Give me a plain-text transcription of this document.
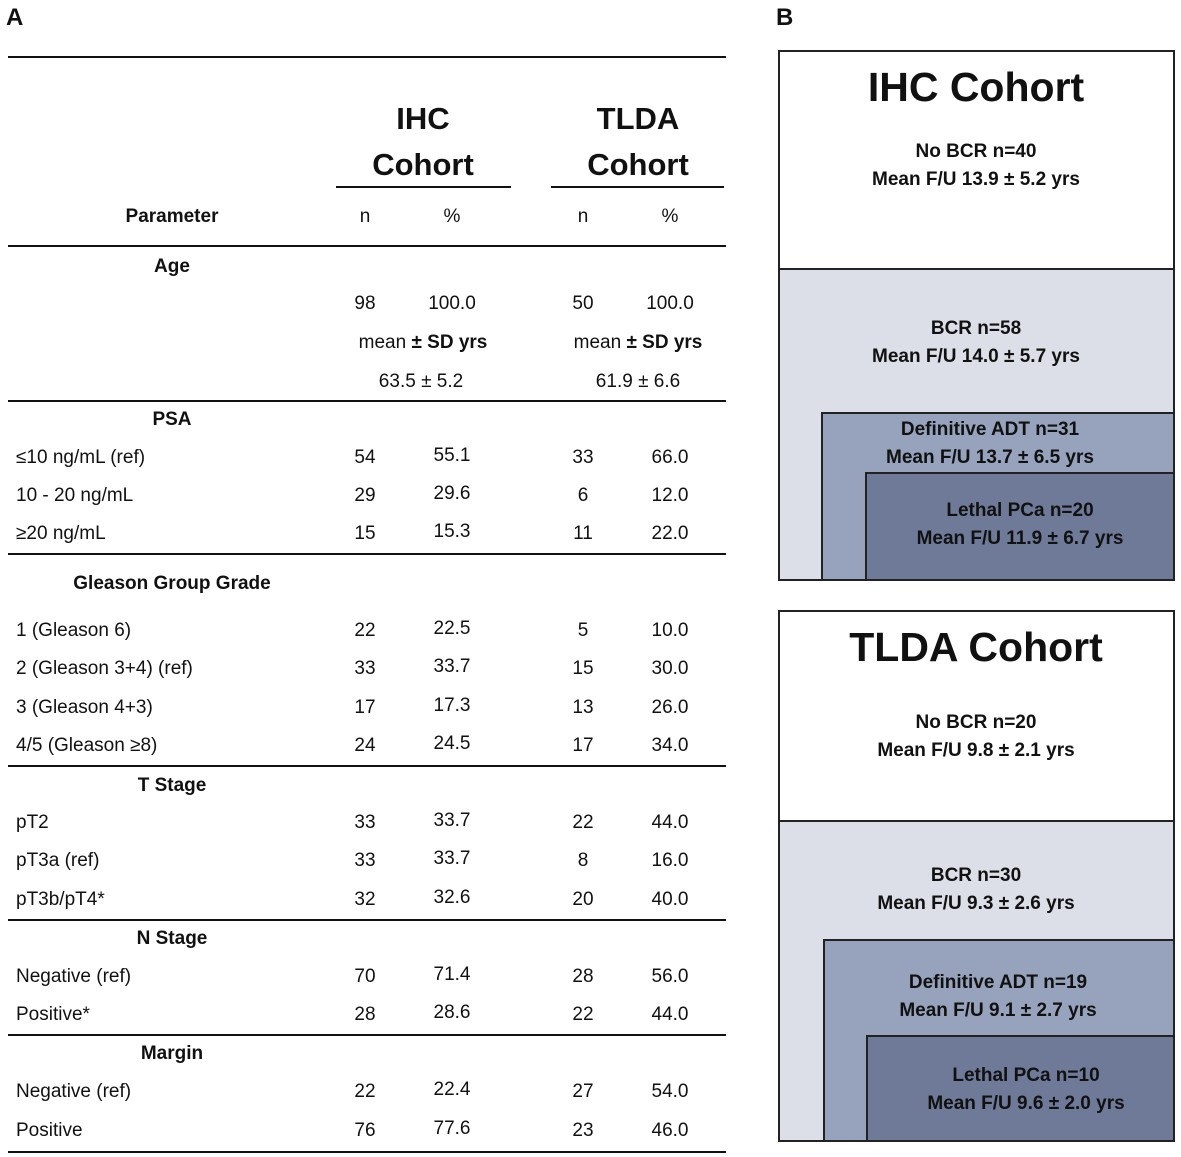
A
IHC
Cohort
TLDA
Cohort
Parameter	n	%	n	%
Age
98	100.0	50	100.0
mean ± SD yrs	mean ± SD yrs
63.5 ± 5.2	61.9 ± 6.6
PSA
≤10 ng/mL (ref)	54	55.1	33	66.0
10 - 20 ng/mL	29	29.6	6	12.0
≥20 ng/mL	15	15.3	11	22.0
Gleason Group Grade
1 (Gleason 6)	22	22.5	5	10.0
2 (Gleason 3+4) (ref)	33	33.7	15	30.0
3 (Gleason 4+3)	17	17.3	13	26.0
4/5 (Gleason ≥8)	24	24.5	17	34.0
T Stage
pT2	33	33.7	22	44.0
pT3a (ref)	33	33.7	8	16.0
pT3b/pT4*	32	32.6	20	40.0
N Stage
Negative (ref)	70	71.4	28	56.0
Positive*	28	28.6	22	44.0
Margin
Negative (ref)	22	22.4	27	54.0
Positive	76	77.6	23	46.0
B
IHC Cohort
No BCR n=40
Mean F/U 13.9 ± 5.2 yrs
BCR n=58
Mean F/U 14.0 ± 5.7 yrs
Definitive ADT n=31
Mean F/U 13.7 ± 6.5 yrs
Lethal PCa n=20
Mean F/U 11.9 ± 6.7 yrs
TLDA Cohort
No BCR n=20
Mean F/U 9.8 ± 2.1 yrs
BCR n=30
Mean F/U 9.3 ± 2.6 yrs
Definitive ADT n=19
Mean F/U 9.1 ± 2.7 yrs
Lethal PCa n=10
Mean F/U 9.6 ± 2.0 yrs
